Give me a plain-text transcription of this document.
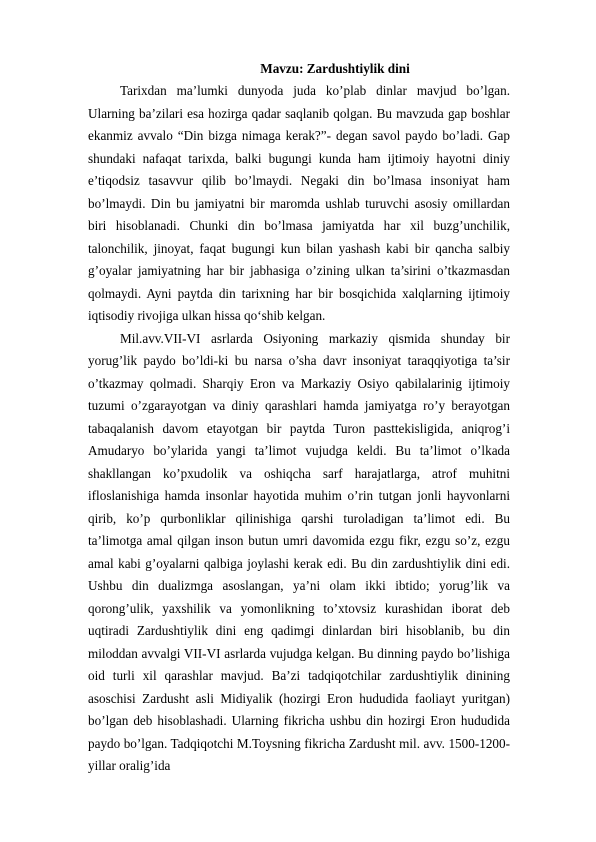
Mavzu: Zardushtiylik dini

Tarixdan ma’lumki dunyoda juda ko’plab dinlar mavjud bo’lgan. Ularning ba’zilari esa hozirga qadar saqlanib qolgan. Bu mavzuda gap boshlar ekanmiz avvalo “Din bizga nimaga kerak?”- degan savol paydo bo’ladi. Gap shundaki nafaqat tarixda, balki bugungi kunda ham ijtimoiy hayotni diniy e’tiqodsiz tasavvur qilib bo’lmaydi. Negaki din bo’lmasa insoniyat ham bo’lmaydi. Din bu jamiyatni bir maromda ushlab turuvchi asosiy omillardan biri hisoblanadi. Chunki din bo’lmasa jamiyatda har xil buzg’unchilik, talonchilik, jinoyat, faqat bugungi kun bilan yashash kabi bir qancha salbiy g’oyalar jamiyatning har bir jabhasiga o’zining ulkan ta’sirini o’tkazmasdan qolmaydi. Ayni paytda din tarixning har bir bosqichida xalqlarning ijtimoiy iqtisodiy rivojiga ulkan hissa qo‘shib kelgan.

Mil.avv.VII-VI asrlarda Osiyoning markaziy qismida shunday bir yorug’lik paydo bo’ldi-ki bu narsa o’sha davr insoniyat taraqqiyotiga ta’sir o’tkazmay qolmadi. Sharqiy Eron va Markaziy Osiyo qabilalarinig ijtimoiy tuzumi o’zgarayotgan va diniy qarashlari hamda jamiyatga ro’y berayotgan tabaqalanish davom etayotgan bir paytda Turon pasttekisligida, aniqrog’i Amudaryo bo’ylarida yangi ta’limot vujudga keldi. Bu ta’limot o’lkada shakllangan ko’pxudolik va oshiqcha sarf harajatlarga, atrof muhitni ifloslanishiga hamda insonlar hayotida muhim o’rin tutgan jonli hayvonlarni qirib, ko’p qurbonliklar qilinishiga qarshi turoladigan ta’limot edi. Bu ta’limotga amal qilgan inson butun umri davomida ezgu fikr, ezgu so’z, ezgu amal kabi g’oyalarni qalbiga joylashi kerak edi. Bu din zardushtiylik dini edi. Ushbu din dualizmga asoslangan, ya’ni olam ikki ibtido; yorug’lik va qorong’ulik, yaxshilik va yomonlikning to’xtovsiz kurashidan iborat deb uqtiradi Zardushtiylik dini eng qadimgi dinlardan biri hisoblanib, bu din miloddan avvalgi VII-VI asrlarda vujudga kelgan. Bu dinning paydo bo’lishiga oid turli xil qarashlar mavjud. Ba’zi tadqiqotchilar zardushtiylik dinining asoschisi Zardusht asli Midiyalik (hozirgi Eron hududida faoliayt yuritgan) bo’lgan deb hisoblashadi. Ularning fikricha ushbu din hozirgi Eron hududida paydo bo’lgan. Tadqiqotchi M.Toysning fikricha Zardusht mil. avv. 1500-1200-yillar oralig’ida
